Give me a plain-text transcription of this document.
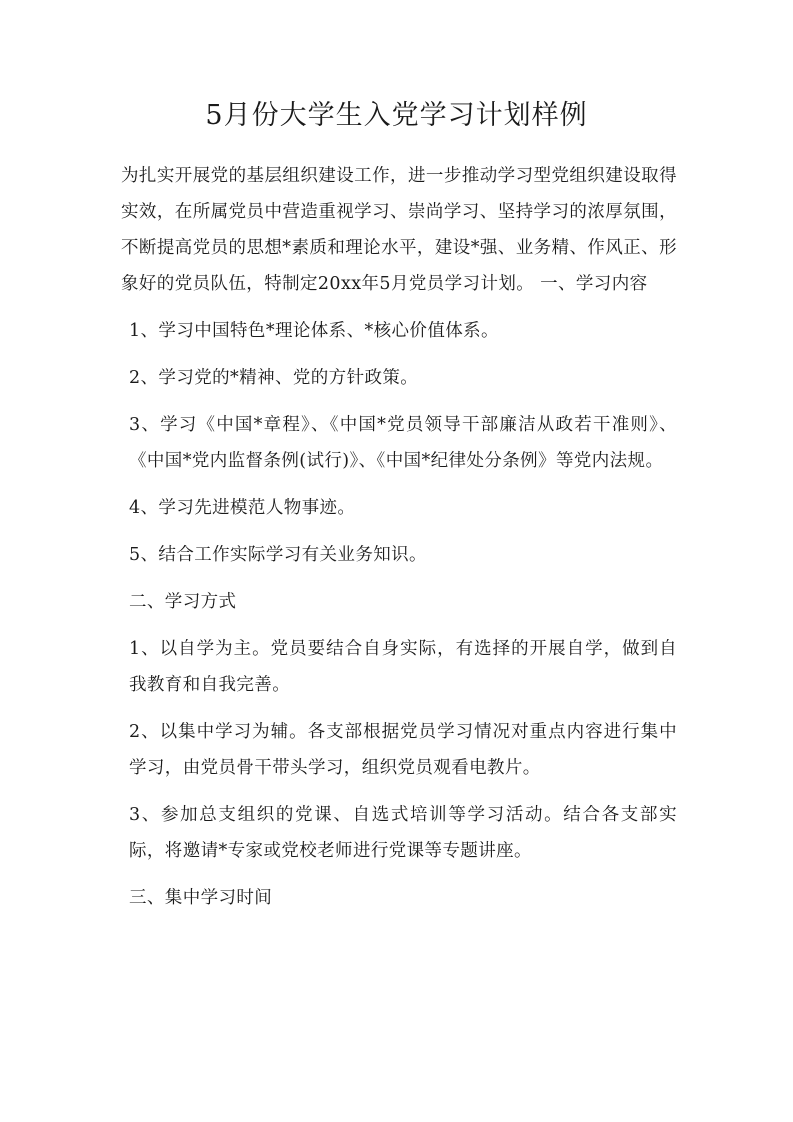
5月份大学生入党学习计划样例

为扎实开展党的基层组织建设工作，进一步推动学习型党组织建设取得实效，在所属党员中营造重视学习、崇尚学习、坚持学习的浓厚氛围，不断提高党员的思想*素质和理论水平，建设*强、业务精、作风正、形象好的党员队伍，特制定20xx年5月党员学习计划。 一、学习内容

1、学习中国特色*理论体系、*核心价值体系。

2、学习党的*精神、党的方针政策。

3、学习《中国*章程》、《中国*党员领导干部廉洁从政若干准则》、《中国*党内监督条例(试行)》、《中国*纪律处分条例》等党内法规。

4、学习先进模范人物事迹。

5、结合工作实际学习有关业务知识。

二、学习方式

1、以自学为主。党员要结合自身实际，有选择的开展自学，做到自我教育和自我完善。

2、以集中学习为辅。各支部根据党员学习情况对重点内容进行集中学习，由党员骨干带头学习，组织党员观看电教片。

3、参加总支组织的党课、自选式培训等学习活动。结合各支部实际，将邀请*专家或党校老师进行党课等专题讲座。

三、集中学习时间
